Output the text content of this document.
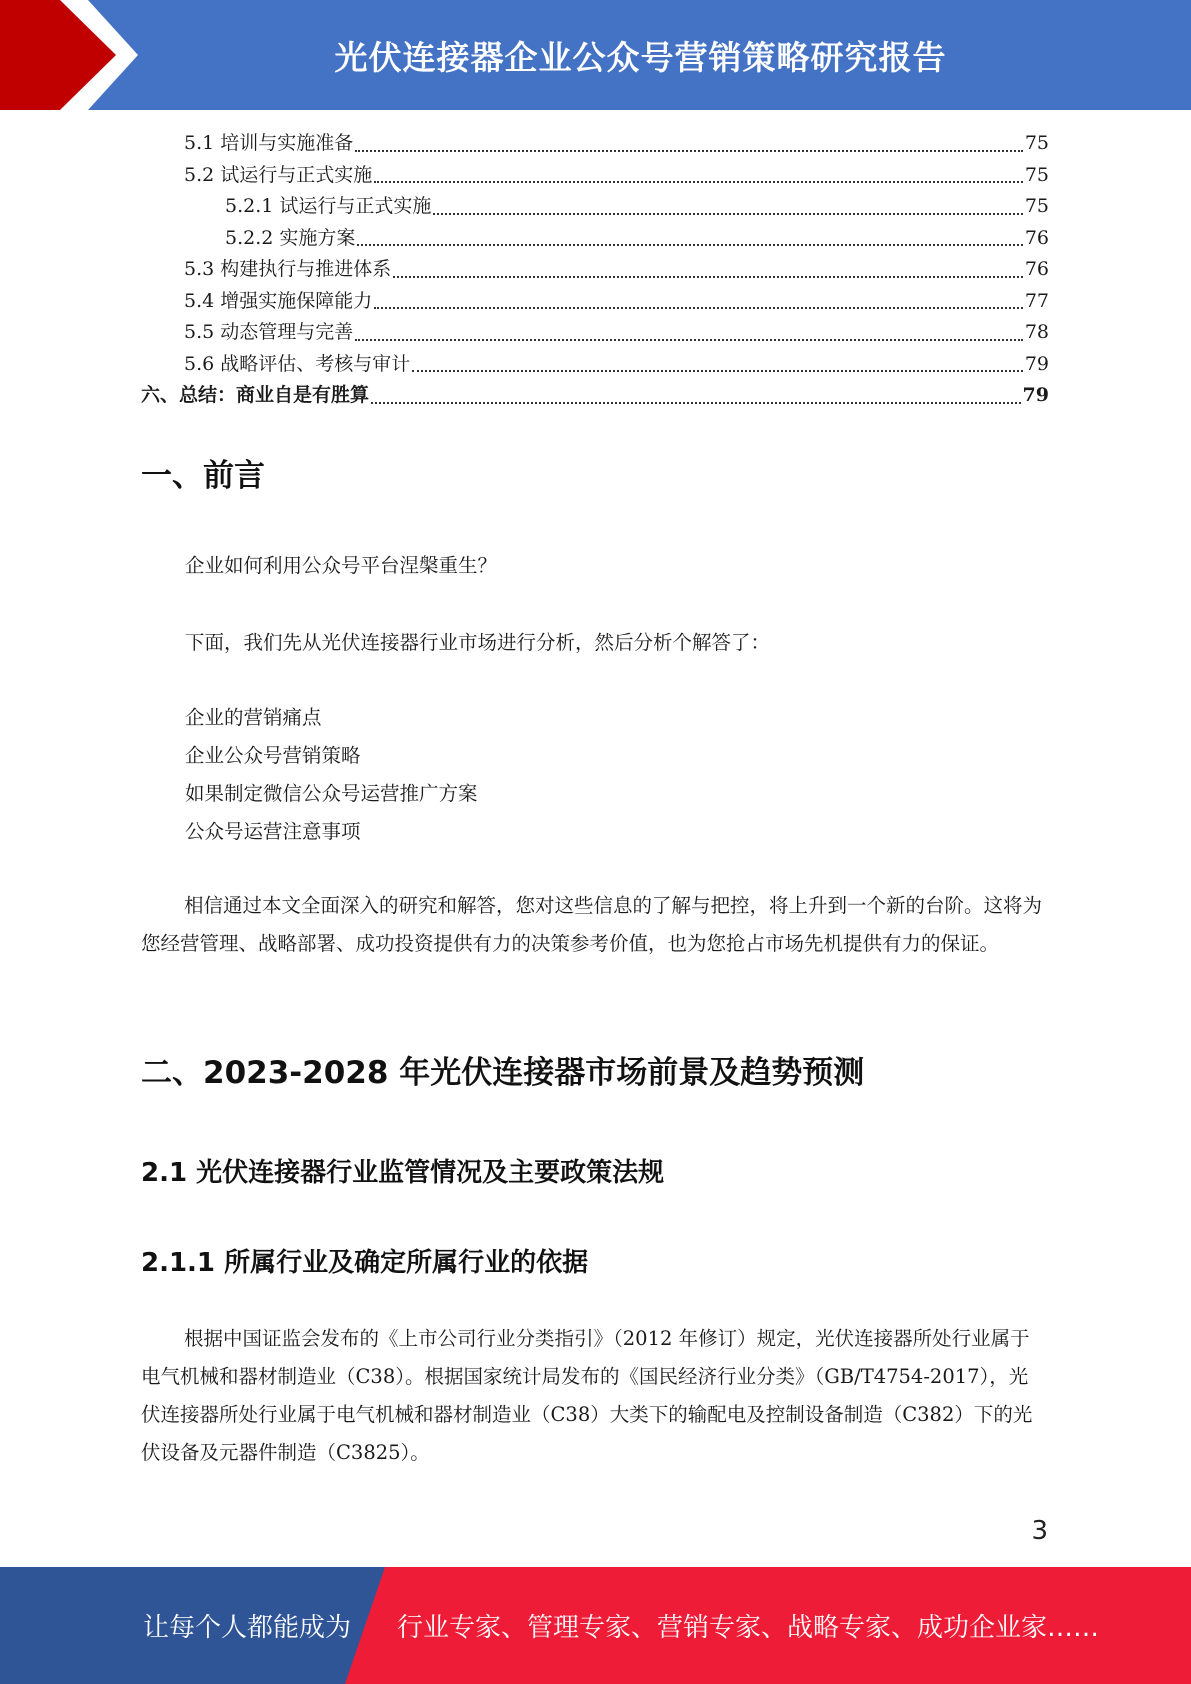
光伏连接器企业公众号营销策略研究报告
5.1 培训与实施准备	75
5.2 试运行与正式实施	75
5.2.1 试运行与正式实施	75
5.2.2 实施方案	76
5.3 构建执行与推进体系	76
5.4 增强实施保障能力	77
5.5 动态管理与完善	78
5.6 战略评估、考核与审计	79
六、总结：商业自是有胜算	79
一、前言
企业如何利用公众号平台涅槃重生？
下面，我们先从光伏连接器行业市场进行分析，然后分析个解答了：
企业的营销痛点
企业公众号营销策略
如果制定微信公众号运营推广方案
公众号运营注意事项
相信通过本文全面深入的研究和解答，您对这些信息的了解与把控，将上升到一个新的台阶。这将为您经营管理、战略部署、成功投资提供有力的决策参考价值，也为您抢占市场先机提供有力的保证。
二、2023-2028 年光伏连接器市场前景及趋势预测
2.1 光伏连接器行业监管情况及主要政策法规
2.1.1 所属行业及确定所属行业的依据
根据中国证监会发布的《上市公司行业分类指引》（2012 年修订）规定，光伏连接器所处行业属于电气机械和器材制造业（C38）。根据国家统计局发布的《国民经济行业分类》（GB/T4754-2017），光伏连接器所处行业属于电气机械和器材制造业（C38）大类下的输配电及控制设备制造（C382）下的光伏设备及元器件制造（C3825）。
3
让每个人都能成为 行业专家、管理专家、营销专家、战略专家、成功企业家……
